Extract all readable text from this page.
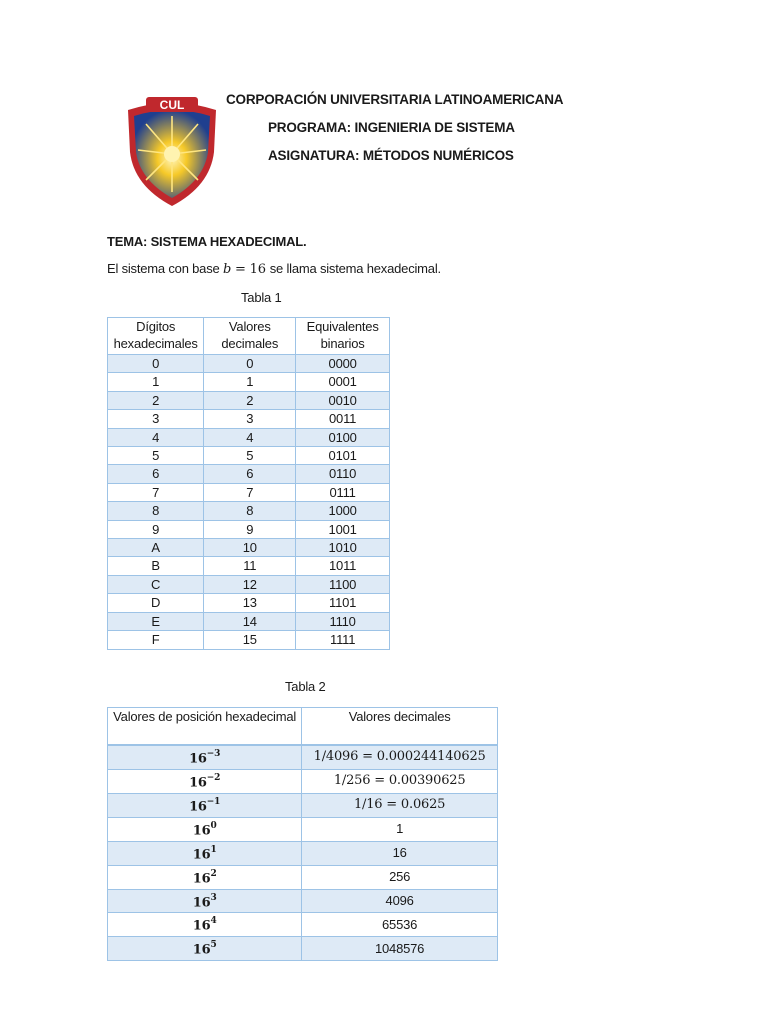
CUL	CORPORACIÓN UNIVERSITARIA LATINOAMERICANA
PROGRAMA: INGENIERIA DE SISTEMA
ASIGNATURA: MÉTODOS NUMÉRICOS
TEMA: SISTEMA HEXADECIMAL.
El sistema con base b = 16 se llama sistema hexadecimal.
Tabla 1
Dígitos hexadecimales	Valores decimales	Equivalentes binarios
0	0	0000
1	1	0001
2	2	0010
3	3	0011
4	4	0100
5	5	0101
6	6	0110
7	7	0111
8	8	1000
9	9	1001
A	10	1010
B	11	1011
C	12	1100
D	13	1101
E	14	1110
F	15	1111
Tabla 2
Valores de posición hexadecimal	Valores decimales
$16^{-3}$	1/4096 = 0.000244140625
$16^{-2}$	1/256 = 0.00390625
$16^{-1}$	1/16 = 0.0625
$16^0$	1
$16^1$	16
$16^2$	256
$16^3$	4096
$16^4$	65536
$16^5$	1048576
